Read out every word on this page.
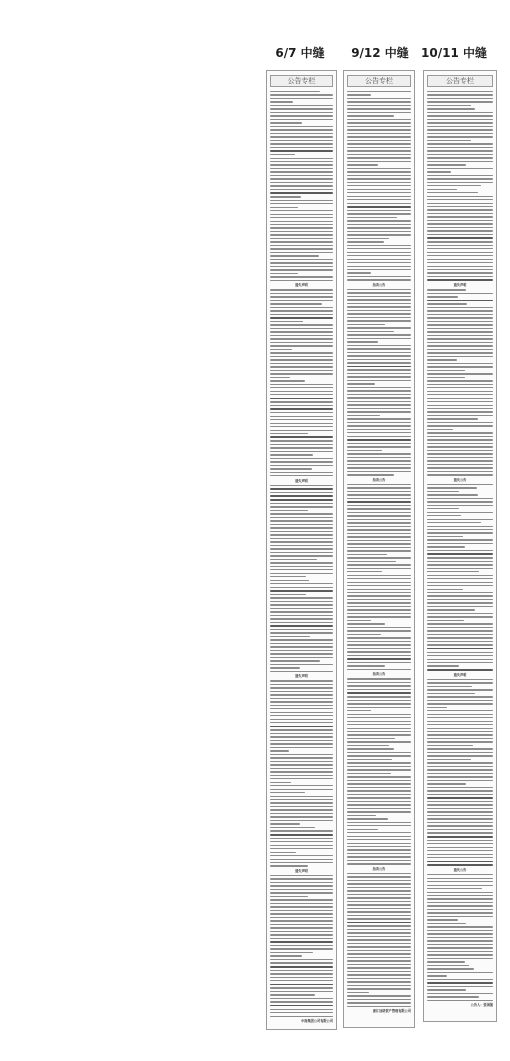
6/7 中缝	9/12 中缝	10/11 中缝
公告专栏
遗失声明
遗失声明
遗失声明
遗失声明
中南集团公司有限公司
公告专栏
拍卖公告
拍卖公告
拍卖公告
拍卖公告
浙江加诺资产管理有限公司
公告专栏
遗失声明
遗失公告
遗失声明
遗失公告
公告人：张国强
